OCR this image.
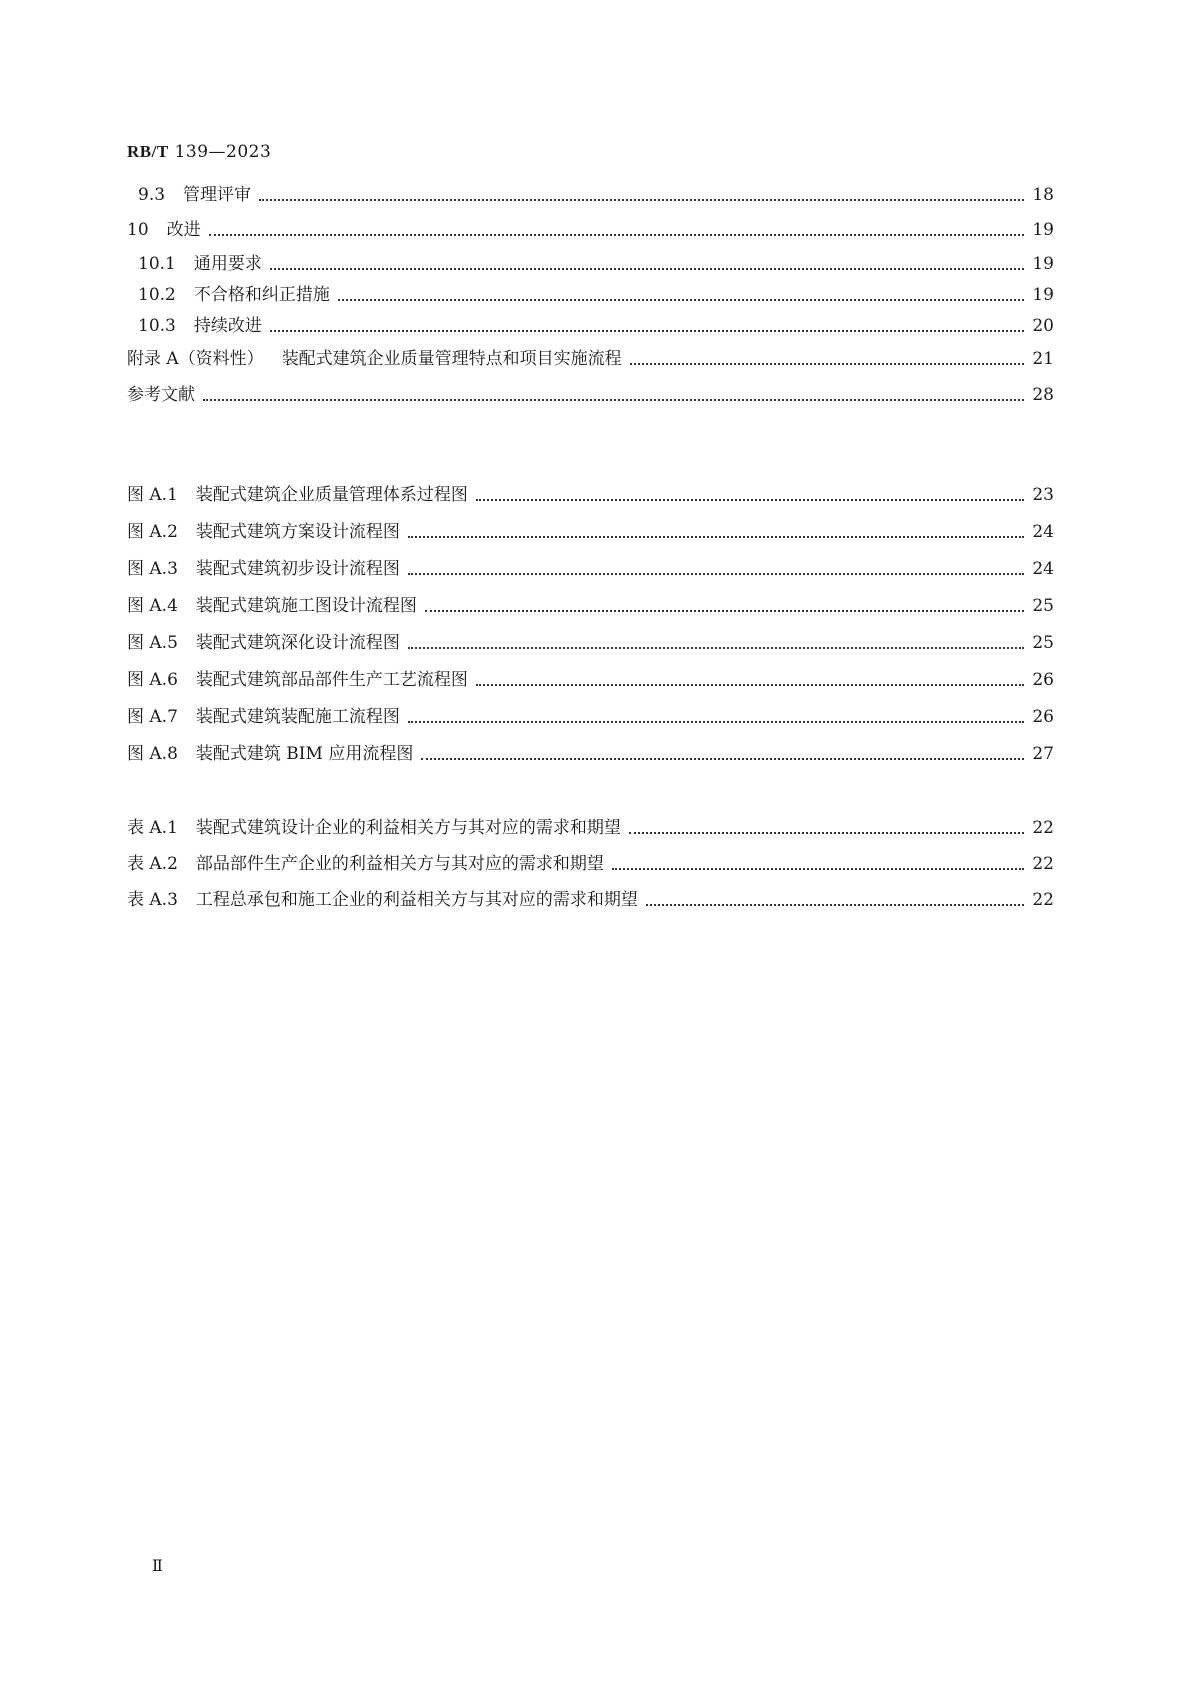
RB/T 139—2023
9.3 管理评审	18
10 改进	19
10.1 通用要求	19
10.2 不合格和纠正措施	19
10.3 持续改进	20
附录 A（资料性） 装配式建筑企业质量管理特点和项目实施流程	21
参考文献	28
图 A.1 装配式建筑企业质量管理体系过程图	23
图 A.2 装配式建筑方案设计流程图	24
图 A.3 装配式建筑初步设计流程图	24
图 A.4 装配式建筑施工图设计流程图	25
图 A.5 装配式建筑深化设计流程图	25
图 A.6 装配式建筑部品部件生产工艺流程图	26
图 A.7 装配式建筑装配施工流程图	26
图 A.8 装配式建筑 BIM 应用流程图	27
表 A.1 装配式建筑设计企业的利益相关方与其对应的需求和期望	22
表 A.2 部品部件生产企业的利益相关方与其对应的需求和期望	22
表 A.3 工程总承包和施工企业的利益相关方与其对应的需求和期望	22
Ⅱ
